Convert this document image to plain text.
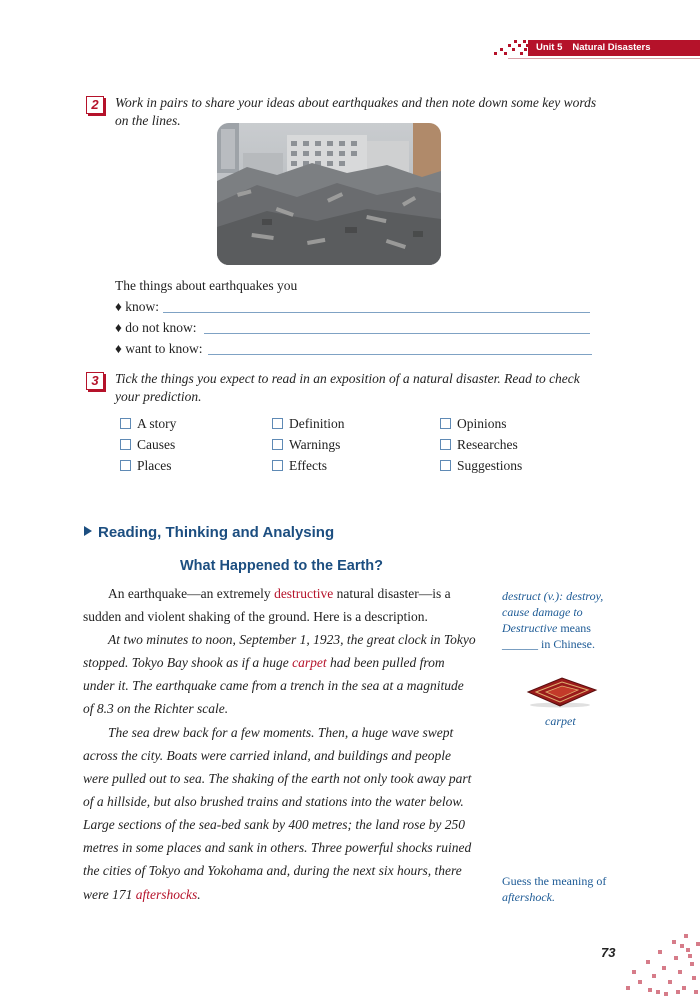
Unit 5 Natural Disasters
2	Work in pairs to share your ideas about earthquakes and then note down some key words
on the lines.
The things about earthquakes you
♦ know:
♦ do not know:
♦ want to know:
3	Tick the things you expect to read in an exposition of a natural disaster. Read to check
your prediction.
A story	Definition	Opinions
Causes	Warnings	Researches
Places	Effects	Suggestions
Reading, Thinking and Analysing
What Happened to the Earth?
An earthquake—an extremely destructive natural disaster—is a
sudden and violent shaking of the ground. Here is a description.
At two minutes to noon, September 1, 1923, the great clock in Tokyo
stopped. Tokyo Bay shook as if a huge carpet had been pulled from
under it. The earthquake came from a trench in the sea at a magnitude
of 8.3 on the Richter scale.
The sea drew back for a few moments. Then, a huge wave swept
across the city. Boats were carried inland, and buildings and people
were pulled out to sea. The shaking of the earth not only took away part
of a hillside, but also brushed trains and stations into the water below.
Large sections of the sea-bed sank by 400 metres; the land rose by 250
metres in some places and sank in others. Three powerful shocks ruined
the cities of Tokyo and Yokohama and, during the next six hours, there
were 171 aftershocks.
destruct (v.): destroy,
cause damage to
Destructive means
______ in Chinese.
carpet
Guess the meaning of
aftershock.
73
